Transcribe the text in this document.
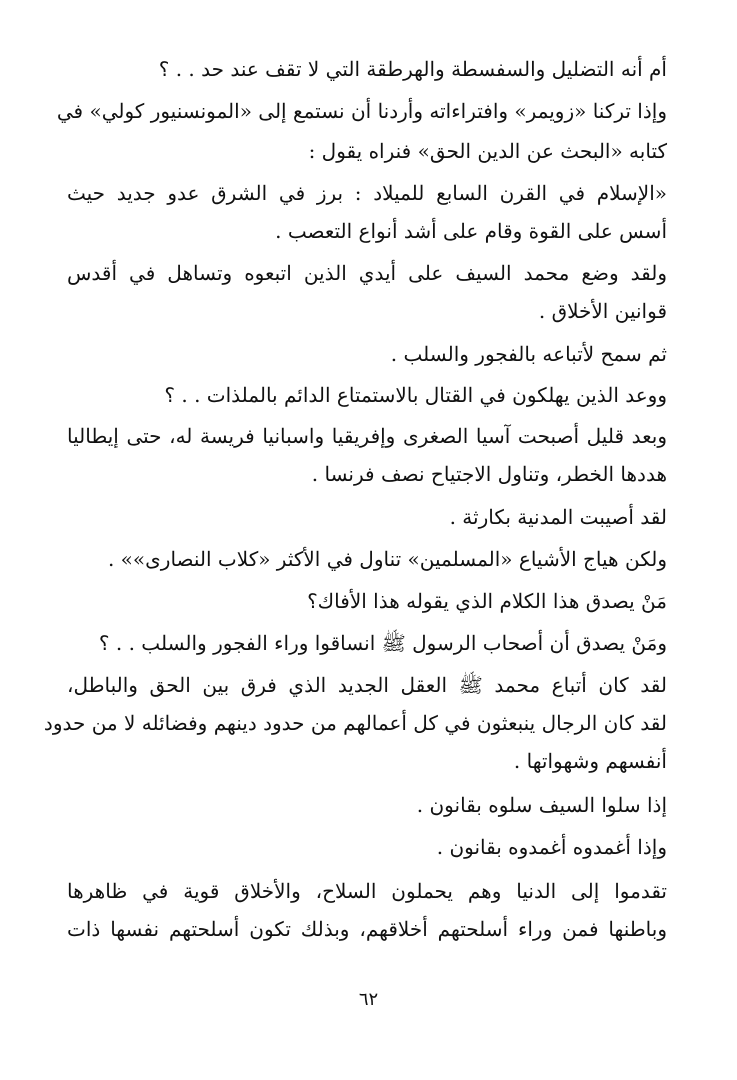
أم أنه التضليل والسفسطة والهرطقة التي لا تقف عند حد . . ؟
وإذا تركنا «زويمر» وافتراءاته وأردنا أن نستمع إلى «المونسنيور كولي» في
كتابه «البحث عن الدين الحق» فنراه يقول :
«الإسلام في القرن السابع للميلاد : برز في الشرق عدو جديد حيث
أسس على القوة وقام على أشد أنواع التعصب .
ولقد وضع محمد السيف على أيدي الذين اتبعوه وتساهل في أقدس
قوانين الأخلاق .
ثم سمح لأتباعه بالفجور والسلب .
ووعد الذين يهلكون في القتال بالاستمتاع الدائم بالملذات . . ؟
وبعد قليل أصبحت آسيا الصغرى وإفريقيا واسبانيا فريسة له، حتى إيطاليا
هددها الخطر، وتناول الاجتياح نصف فرنسا .
لقد أصيبت المدنية بكارثة .
ولكن هياج الأشياع «المسلمين» تناول في الأكثر «كلاب النصارى»» .
مَنْ يصدق هذا الكلام الذي يقوله هذا الأفاك؟
ومَنْ يصدق أن أصحاب الرسول ﷺ انساقوا وراء الفجور والسلب . . ؟
لقد كان أتباع محمد ﷺ العقل الجديد الذي فرق بين الحق والباطل،
لقد كان الرجال ينبعثون في كل أعمالهم من حدود دينهم وفضائله لا من حدود
أنفسهم وشهواتها .
إذا سلوا السيف سلوه بقانون .
وإذا أغمدوه أغمدوه بقانون .
تقدموا إلى الدنيا وهم يحملون السلاح، والأخلاق قوية في ظاهرها
وباطنها فمن وراء أسلحتهم أخلاقهم، وبذلك تكون أسلحتهم نفسها ذات
٦٢
